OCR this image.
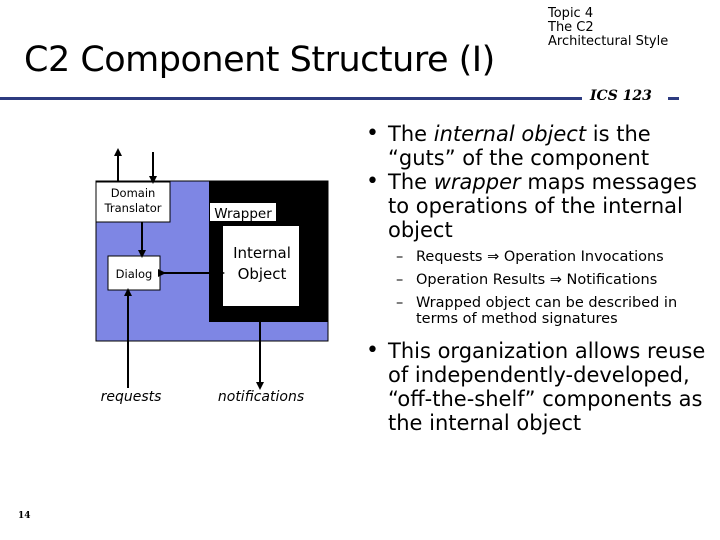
C2 Component Structure (I)
Topic 4
The C2
Architectural Style
ICS 123
Domain
Translator
Dialog
Wrapper
Internal
Object
requests	notifications
• The internal object is the “guts” of the component
• The wrapper maps messages to operations of the internal object
– Requests ⇒ Operation Invocations
– Operation Results ⇒ Notifications
– Wrapped object can be described in terms of method signatures
• This organization allows reuse of independently-developed, “off-the-shelf” components as the internal object
14
